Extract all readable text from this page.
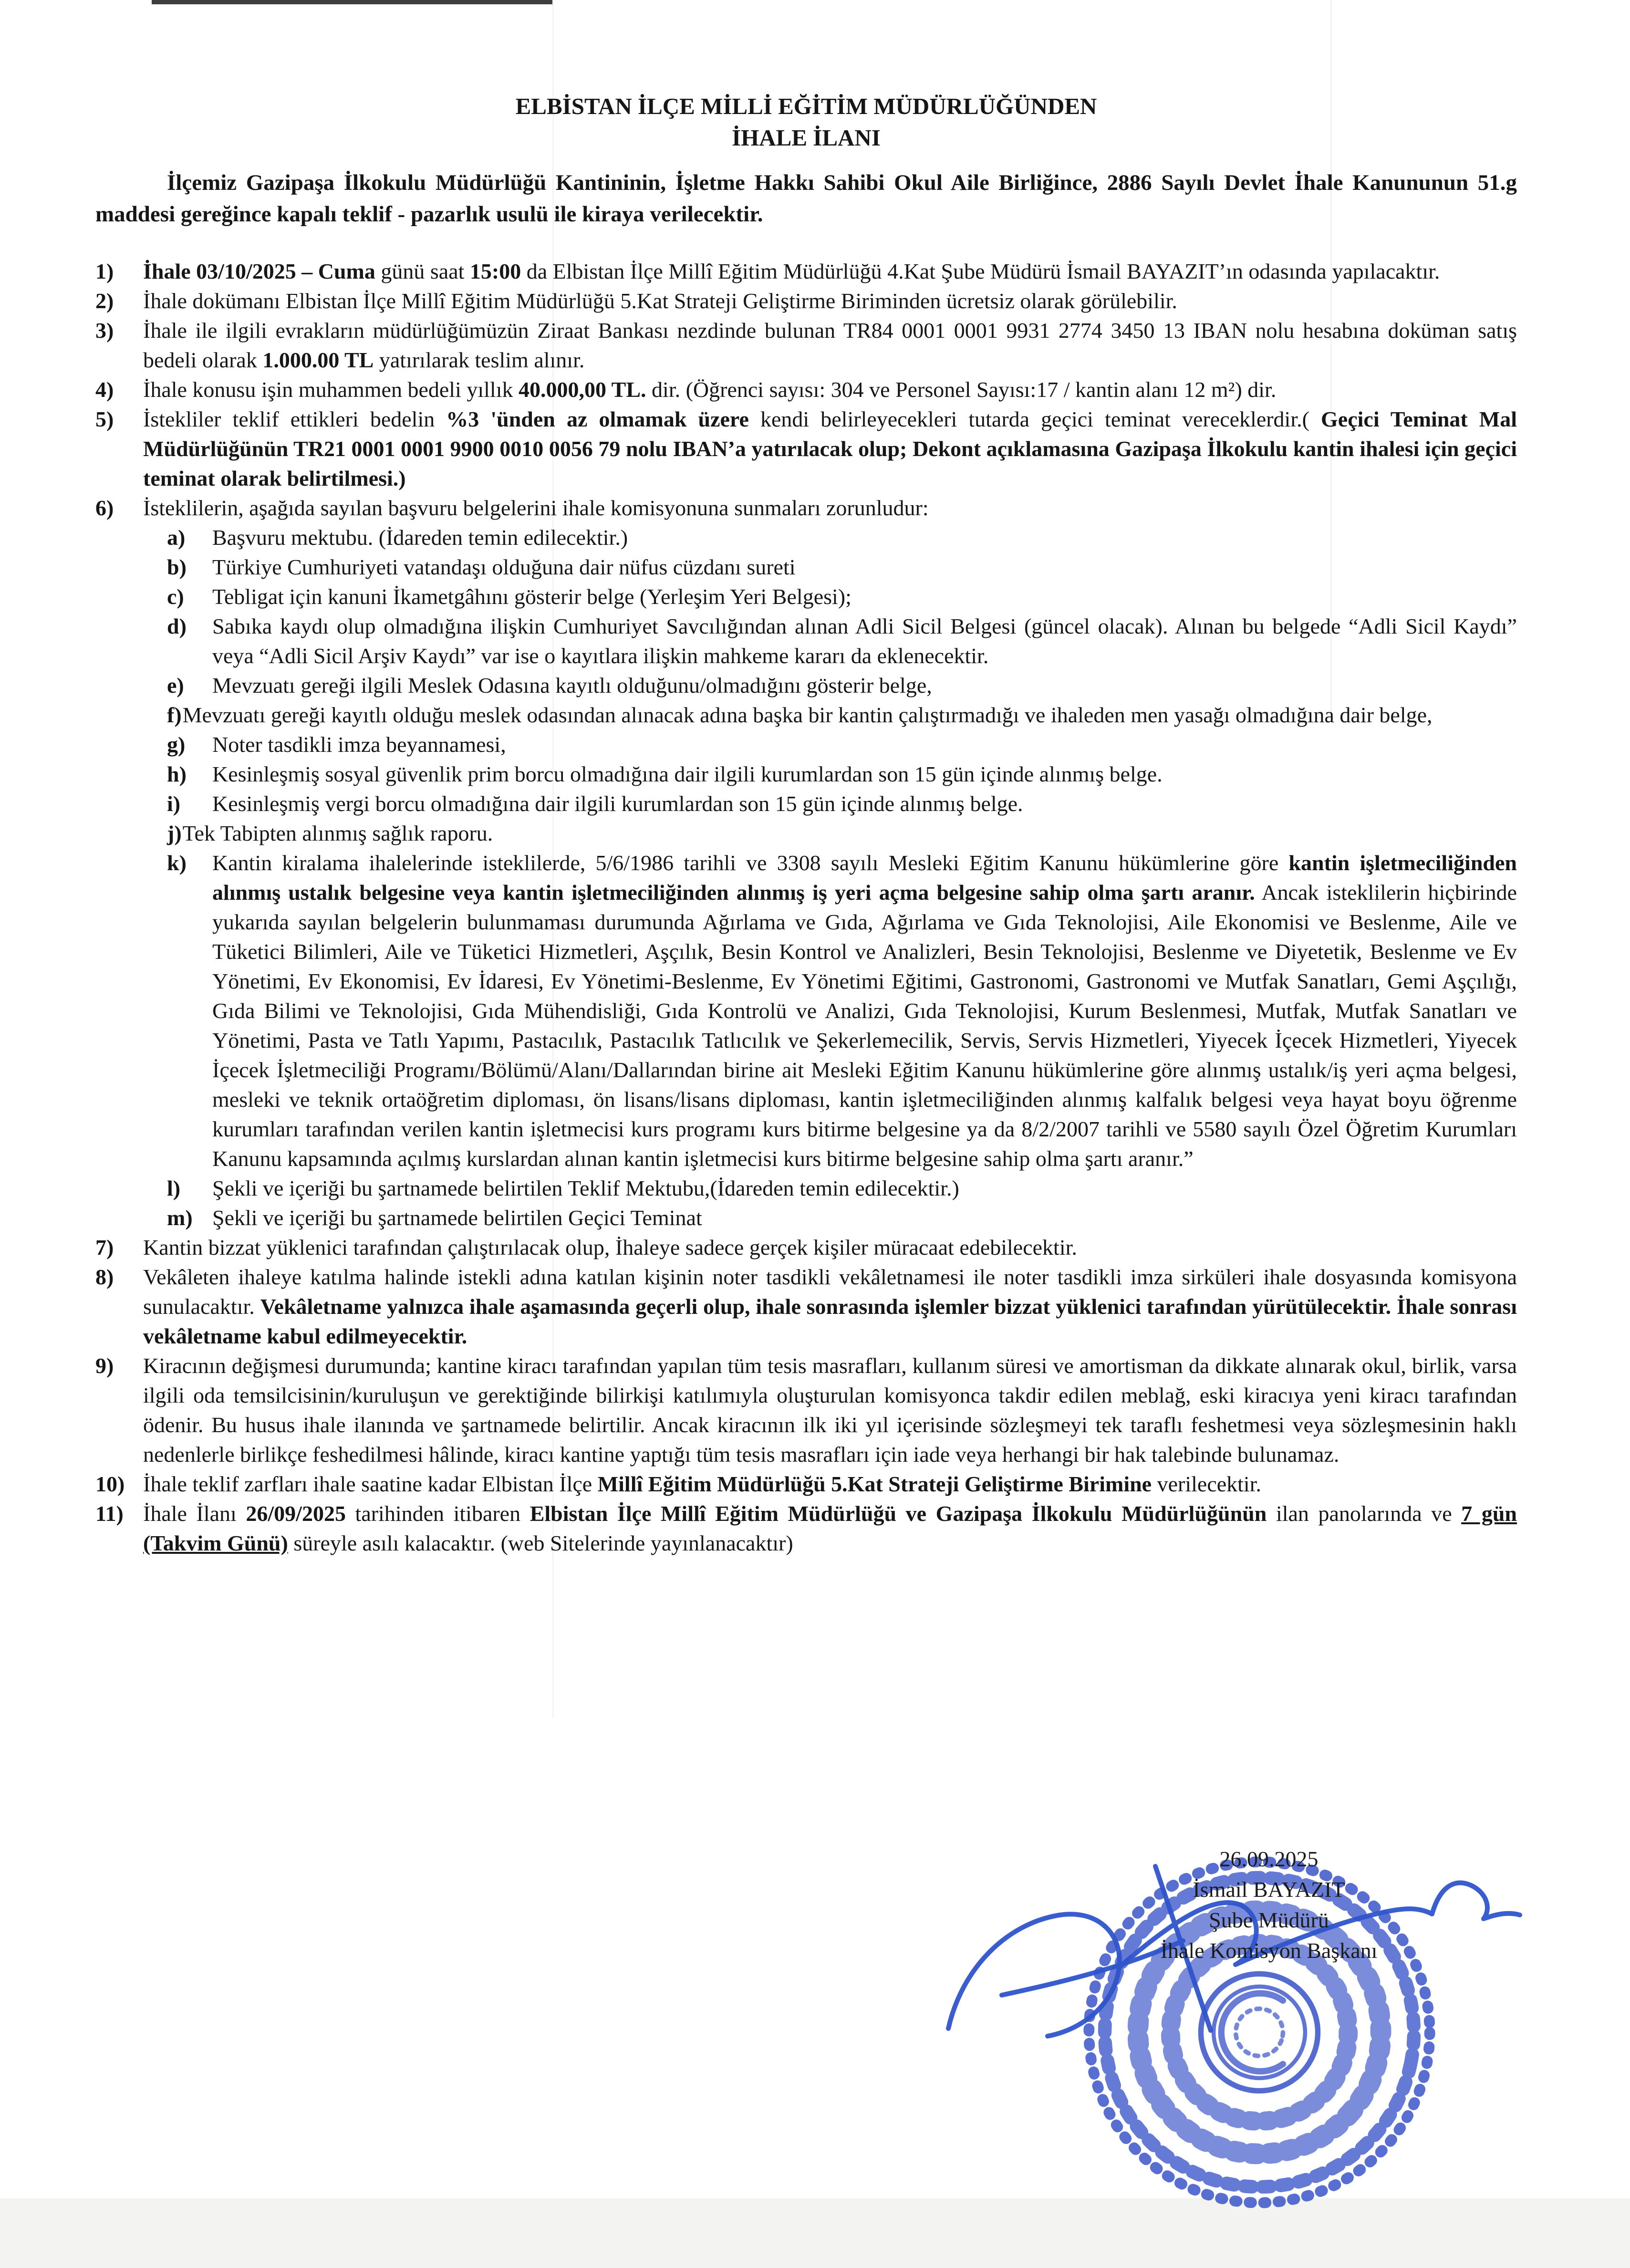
ELBİSTAN İLÇE MİLLİ EĞİTİM MÜDÜRLÜĞÜNDEN
İHALE İLANI
İlçemiz Gazipaşa İlkokulu Müdürlüğü Kantininin, İşletme Hakkı Sahibi Okul Aile Birliğince, 2886 Sayılı Devlet İhale Kanununun 51.g maddesi gereğince kapalı teklif - pazarlık usulü ile kiraya verilecektir.
1) İhale 03/10/2025 – Cuma günü saat 15:00 da Elbistan İlçe Millî Eğitim Müdürlüğü 4.Kat Şube Müdürü İsmail BAYAZIT’ın odasında yapılacaktır.
2) İhale dokümanı Elbistan İlçe Millî Eğitim Müdürlüğü 5.Kat Strateji Geliştirme Biriminden ücretsiz olarak görülebilir.
3) İhale ile ilgili evrakların müdürlüğümüzün Ziraat Bankası nezdinde bulunan TR84 0001 0001 9931 2774 3450 13 IBAN nolu hesabına doküman satış bedeli olarak 1.000.00 TL yatırılarak teslim alınır.
4) İhale konusu işin muhammen bedeli yıllık 40.000,00 TL. dir. (Öğrenci sayısı: 304 ve Personel Sayısı:17 / kantin alanı 12 m²) dir.
5) İstekliler teklif ettikleri bedelin %3 'ünden az olmamak üzere kendi belirleyecekleri tutarda geçici teminat vereceklerdir.( Geçici Teminat Mal Müdürlüğünün TR21 0001 0001 9900 0010 0056 79 nolu IBAN’a yatırılacak olup; Dekont açıklamasına Gazipaşa İlkokulu kantin ihalesi için geçici teminat olarak belirtilmesi.)
6) İsteklilerin, aşağıda sayılan başvuru belgelerini ihale komisyonuna sunmaları zorunludur:
a) Başvuru mektubu. (İdareden temin edilecektir.)
b) Türkiye Cumhuriyeti vatandaşı olduğuna dair nüfus cüzdanı sureti
c) Tebligat için kanuni İkametgâhını gösterir belge (Yerleşim Yeri Belgesi);
d) Sabıka kaydı olup olmadığına ilişkin Cumhuriyet Savcılığından alınan Adli Sicil Belgesi (güncel olacak). Alınan bu belgede “Adli Sicil Kaydı” veya “Adli Sicil Arşiv Kaydı” var ise o kayıtlara ilişkin mahkeme kararı da eklenecektir.
e) Mevzuatı gereği ilgili Meslek Odasına kayıtlı olduğunu/olmadığını gösterir belge,
f)Mevzuatı gereği kayıtlı olduğu meslek odasından alınacak adına başka bir kantin çalıştırmadığı ve ihaleden men yasağı olmadığına dair belge,
g) Noter tasdikli imza beyannamesi,
h) Kesinleşmiş sosyal güvenlik prim borcu olmadığına dair ilgili kurumlardan son 15 gün içinde alınmış belge.
i) Kesinleşmiş vergi borcu olmadığına dair ilgili kurumlardan son 15 gün içinde alınmış belge.
j)Tek Tabipten alınmış sağlık raporu.
k) Kantin kiralama ihalelerinde isteklilerde, 5/6/1986 tarihli ve 3308 sayılı Mesleki Eğitim Kanunu hükümlerine göre kantin işletmeciliğinden alınmış ustalık belgesine veya kantin işletmeciliğinden alınmış iş yeri açma belgesine sahip olma şartı aranır. Ancak isteklilerin hiçbirinde yukarıda sayılan belgelerin bulunmaması durumunda Ağırlama ve Gıda, Ağırlama ve Gıda Teknolojisi, Aile Ekonomisi ve Beslenme, Aile ve Tüketici Bilimleri, Aile ve Tüketici Hizmetleri, Aşçılık, Besin Kontrol ve Analizleri, Besin Teknolojisi, Beslenme ve Diyetetik, Beslenme ve Ev Yönetimi, Ev Ekonomisi, Ev İdaresi, Ev Yönetimi-Beslenme, Ev Yönetimi Eğitimi, Gastronomi, Gastronomi ve Mutfak Sanatları, Gemi Aşçılığı, Gıda Bilimi ve Teknolojisi, Gıda Mühendisliği, Gıda Kontrolü ve Analizi, Gıda Teknolojisi, Kurum Beslenmesi, Mutfak, Mutfak Sanatları ve Yönetimi, Pasta ve Tatlı Yapımı, Pastacılık, Pastacılık Tatlıcılık ve Şekerlemecilik, Servis, Servis Hizmetleri, Yiyecek İçecek Hizmetleri, Yiyecek İçecek İşletmeciliği Programı/Bölümü/Alanı/Dallarından birine ait Mesleki Eğitim Kanunu hükümlerine göre alınmış ustalık/iş yeri açma belgesi, mesleki ve teknik ortaöğretim diploması, ön lisans/lisans diploması, kantin işletmeciliğinden alınmış kalfalık belgesi veya hayat boyu öğrenme kurumları tarafından verilen kantin işletmecisi kurs programı kurs bitirme belgesine ya da 8/2/2007 tarihli ve 5580 sayılı Özel Öğretim Kurumları Kanunu kapsamında açılmış kurslardan alınan kantin işletmecisi kurs bitirme belgesine sahip olma şartı aranır.”
l) Şekli ve içeriği bu şartnamede belirtilen Teklif Mektubu,(İdareden temin edilecektir.)
m) Şekli ve içeriği bu şartnamede belirtilen Geçici Teminat
7) Kantin bizzat yüklenici tarafından çalıştırılacak olup, İhaleye sadece gerçek kişiler müracaat edebilecektir.
8) Vekâleten ihaleye katılma halinde istekli adına katılan kişinin noter tasdikli vekâletnamesi ile noter tasdikli imza sirküleri ihale dosyasında komisyona sunulacaktır. Vekâletname yalnızca ihale aşamasında geçerli olup, ihale sonrasında işlemler bizzat yüklenici tarafından yürütülecektir. İhale sonrası vekâletname kabul edilmeyecektir.
9) Kiracının değişmesi durumunda; kantine kiracı tarafından yapılan tüm tesis masrafları, kullanım süresi ve amortisman da dikkate alınarak okul, birlik, varsa ilgili oda temsilcisinin/kuruluşun ve gerektiğinde bilirkişi katılımıyla oluşturulan komisyonca takdir edilen meblağ, eski kiracıya yeni kiracı tarafından ödenir. Bu husus ihale ilanında ve şartnamede belirtilir. Ancak kiracının ilk iki yıl içerisinde sözleşmeyi tek taraflı feshetmesi veya sözleşmesinin haklı nedenlerle birlikçe feshedilmesi hâlinde, kiracı kantine yaptığı tüm tesis masrafları için iade veya herhangi bir hak talebinde bulunamaz.
10) İhale teklif zarfları ihale saatine kadar Elbistan İlçe Millî Eğitim Müdürlüğü 5.Kat Strateji Geliştirme Birimine verilecektir.
11) İhale İlanı 26/09/2025 tarihinden itibaren Elbistan İlçe Millî Eğitim Müdürlüğü ve Gazipaşa İlkokulu Müdürlüğünün ilan panolarında ve 7 gün (Takvim Günü) süreyle asılı kalacaktır. (web Sitelerinde yayınlanacaktır)
26.09.2025
İsmail BAYAZIT
Şube Müdürü
İhale Komisyon Başkanı
